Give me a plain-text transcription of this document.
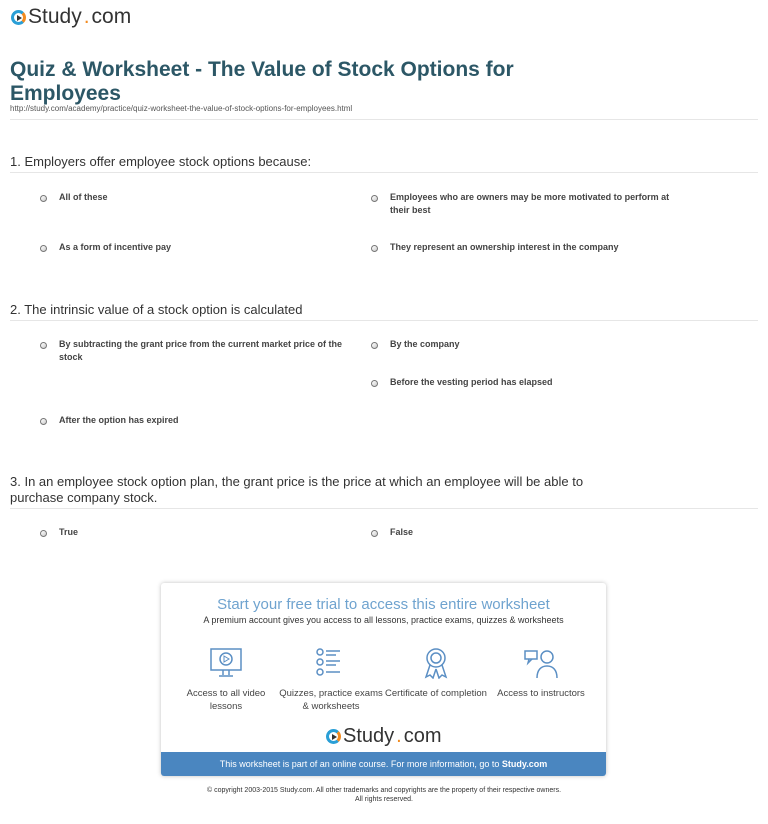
Study . com
Quiz & Worksheet - The Value of Stock Options for Employees
http://study.com/academy/practice/quiz-worksheet-the-value-of-stock-options-for-employees.html
1. Employers offer employee stock options because:
All of these	Employees who are owners may be more motivated to perform at their best
As a form of incentive pay	They represent an ownership interest in the company
2. The intrinsic value of a stock option is calculated
By subtracting the grant price from the current market price of the stock
By the company
Before the vesting period has elapsed
After the option has expired
3. In an employee stock option plan, the grant price is the price at which an employee will be able to purchase company stock.
True	False
Start your free trial to access this entire worksheet
A premium account gives you access to all lessons, practice exams, quizzes & worksheets
Access to all video lessons
Quizzes, practice exams & worksheets
Certificate of completion	Access to instructors
Study . com
This worksheet is part of an online course. For more information, go to Study.com
© copyright 2003-2015 Study.com. All other trademarks and copyrights are the property of their respective owners.
All rights reserved.
